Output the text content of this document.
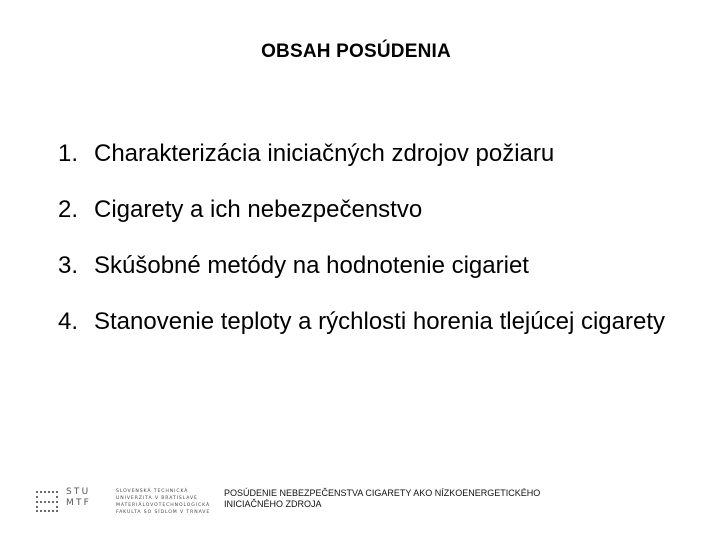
OBSAH POSÚDENIA
1. Charakterizácia iniciačných zdrojov požiaru
2. Cigarety a ich nebezpečenstvo
3. Skúšobné metódy na hodnotenie cigariet
4. Stanovenie teploty a rýchlosti horenia tlejúcej cigarety
STU
MTF
SLOVENSKÁ TECHNICKÁ
UNIVERZITA V BRATISLAVE
MATERIÁLOVOTECHNOLOGICKÁ
FAKULTA SO SÍDLOM V TRNAVE
POSÚDENIE NEBEZPEČENSTVA CIGARETY AKO NÍZKOENERGETICKÉHO
INICIAČNÉHO ZDROJA
